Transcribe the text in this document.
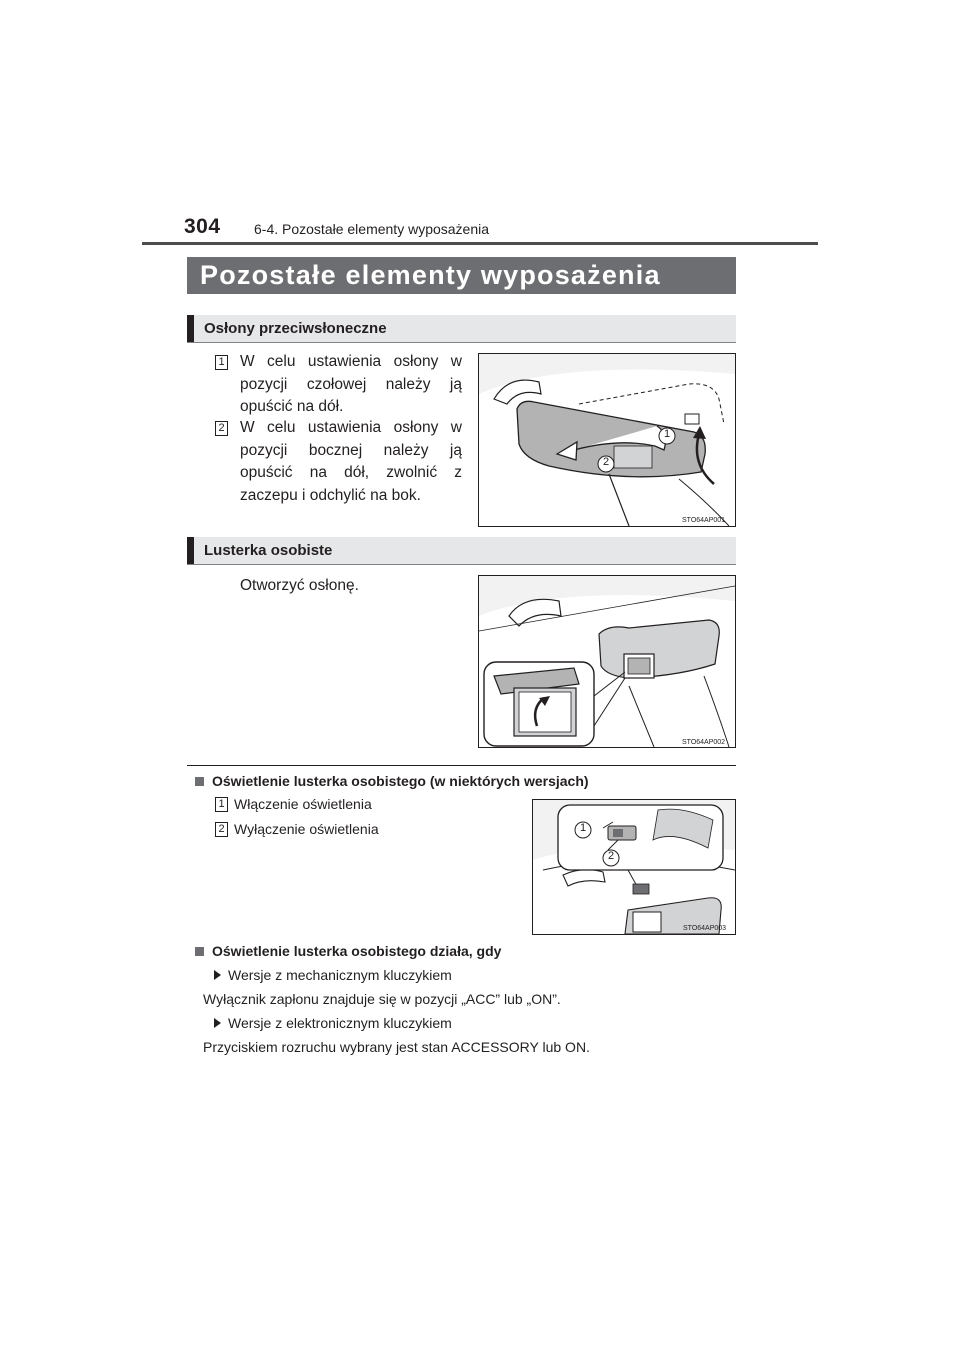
304 6-4. Pozostałe elementy wyposażenia
Pozostałe elementy wyposażenia
Osłony przeciwsłoneczne
1 W celu ustawienia osłony w pozycji czołowej należy ją opuścić na dół.
2 W celu ustawienia osłony w pozycji bocznej należy ją opuścić na dół, zwolnić z zaczepu i odchylić na bok.
1
2
STO64AP001
Lusterka osobiste
Otworzyć osłonę.
STO64AP002
Oświetlenie lusterka osobistego (w niektórych wersjach)
1 Włączenie oświetlenia
2 Wyłączenie oświetlenia	1
2
STO64AP003
Oświetlenie lusterka osobistego działa, gdy
Wersje z mechanicznym kluczykiem
Wyłącznik zapłonu znajduje się w pozycji „ACC” lub „ON”.
Wersje z elektronicznym kluczykiem
Przyciskiem rozruchu wybrany jest stan ACCESSORY lub ON.
